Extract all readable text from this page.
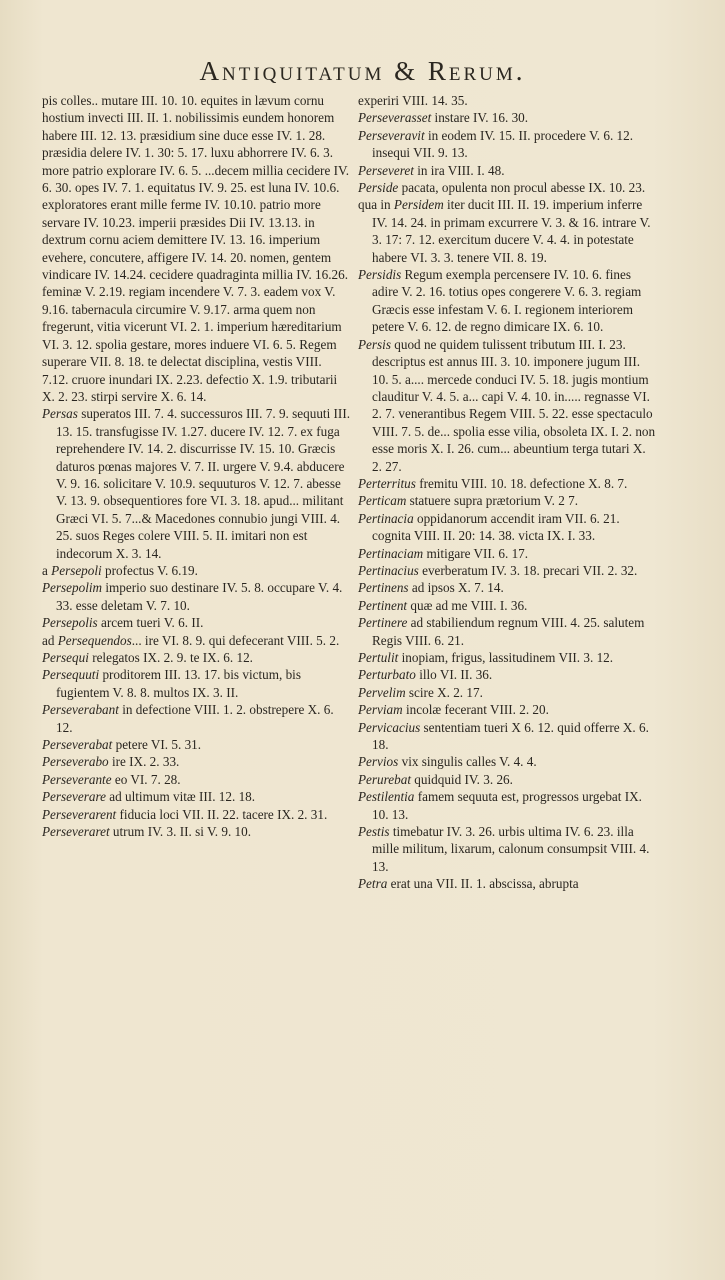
Antiquitatum & Rerum.

pis colles.. mutare III. 10. 10. equites in lævum cornu hostium invecti III. II. 1. nobilissimis eundem honorem habere III. 12. 13. præsidium sine duce esse IV. 1. 28. præsidia delere IV. 1. 30: 5. 17. luxu abhorrere IV. 6. 3. more patrio explorare IV. 6. 5. ...decem millia cecidere IV. 6. 30. opes IV. 7. 1. equitatus IV. 9. 25. est luna IV. 10.6. exploratores erant mille ferme IV. 10.10. patrio more servare IV. 10.23. imperii præsides Dii IV. 13.13. in dextrum cornu aciem demittere IV. 13. 16. imperium evehere, concutere, affigere IV. 14. 20. nomen, gentem vindicare IV. 14.24. cecidere quadraginta millia IV. 16.26. feminæ V. 2.19. regiam incendere V. 7. 3. eadem vox V. 9.16. tabernacula circumire V. 9.17. arma quem non fregerunt, vitia vicerunt VI. 2. 1. imperium hæreditarium VI. 3. 12. spolia gestare, mores induere VI. 6. 5. Regem superare VII. 8. 18. te delectat disciplina, vestis VIII. 7.12. cruore inundari IX. 2.23. defectio X. 1.9. tributarii X. 2. 23. stirpi servire X. 6. 14.

Persas superatos III. 7. 4. successuros III. 7. 9. sequuti III. 13. 15. transfugisse IV. 1.27. ducere IV. 12. 7. ex fuga reprehendere IV. 14. 2. discurrisse IV. 15. 10. Græcis daturos pœnas majores V. 7. II. urgere V. 9.4. abducere V. 9. 16. solicitare V. 10.9. sequuturos V. 12. 7. abesse V. 13. 9. obsequentiores fore VI. 3. 18. apud... militant Græci VI. 5. 7...& Macedones connubio jungi VIII. 4. 25. suos Reges colere VIII. 5. II. imitari non est indecorum X. 3. 14.

a Persepoli profectus V. 6.19.

Persepolim imperio suo destinare IV. 5. 8. occupare V. 4. 33. esse deletam V. 7. 10.

Persepolis arcem tueri V. 6. II.

ad Persequendos... ire VI. 8. 9. qui defecerant VIII. 5. 2.

Persequi relegatos IX. 2. 9. te IX. 6. 12.

Persequuti proditorem III. 13. 17. bis victum, bis fugientem V. 8. 8. multos IX. 3. II.

Perseverabant in defectione VIII. 1. 2. obstrepere X. 6. 12.

Perseverabat petere VI. 5. 31.

Perseverabo ire IX. 2. 33.

Perseverante eo VI. 7. 28.

Perseverare ad ultimum vitæ III. 12. 18.

Perseverarent fiducia loci VII. II. 22. tacere IX. 2. 31.

Perseveraret utrum IV. 3. II. si V. 9. 10.

experiri VIII. 14. 35.

Perseverasset instare IV. 16. 30.

Perseveravit in eodem IV. 15. II. procedere V. 6. 12. insequi VII. 9. 13.

Perseveret in ira VIII. I. 48.

Perside pacata, opulenta non procul abesse IX. 10. 23.

qua in Persidem iter ducit III. II. 19. imperium inferre IV. 14. 24. in primam excurrere V. 3. & 16. intrare V. 3. 17: 7. 12. exercitum ducere V. 4. 4. in potestate habere VI. 3. 3. tenere VII. 8. 19.

Persidis Regum exempla percensere IV. 10. 6. fines adire V. 2. 16. totius opes congerere V. 6. 3. regiam Græcis esse infestam V. 6. I. regionem interiorem petere V. 6. 12. de regno dimicare IX. 6. 10.

Persis quod ne quidem tulissent tributum III. I. 23. descriptus est annus III. 3. 10. imponere jugum III. 10. 5. a.... mercede conduci IV. 5. 18. jugis montium clauditur V. 4. 5. a... capi V. 4. 10. in..... regnasse VI. 2. 7. venerantibus Regem VIII. 5. 22. esse spectaculo VIII. 7. 5. de... spolia esse vilia, obsoleta IX. I. 2. non esse moris X. I. 26. cum... abeuntium terga tutari X. 2. 27.

Perterritus fremitu VIII. 10. 18. defectione X. 8. 7.

Perticam statuere supra prætorium V. 2 7.

Pertinacia oppidanorum accendit iram VII. 6. 21. cognita VIII. II. 20: 14. 38. victa IX. I. 33.

Pertinaciam mitigare VII. 6. 17.

Pertinacius everberatum IV. 3. 18. precari VII. 2. 32.

Pertinens ad ipsos X. 7. 14.

Pertinent quæ ad me VIII. I. 36.

Pertinere ad stabiliendum regnum VIII. 4. 25. salutem Regis VIII. 6. 21.

Pertulit inopiam, frigus, lassitudinem VII. 3. 12.

Perturbato illo VI. II. 36.

Pervelim scire X. 2. 17.

Perviam incolæ fecerant VIII. 2. 20.

Pervicacius sententiam tueri X 6. 12. quid offerre X. 6. 18.

Pervios vix singulis calles V. 4. 4.

Perurebat quidquid IV. 3. 26.

Pestilentia famem sequuta est, progressos urgebat IX. 10. 13.

Pestis timebatur IV. 3. 26. urbis ultima IV. 6. 23. illa mille militum, lixarum, calonum consumpsit VIII. 4. 13.

Petra erat una VII. II. 1. abscissa, abrupta
